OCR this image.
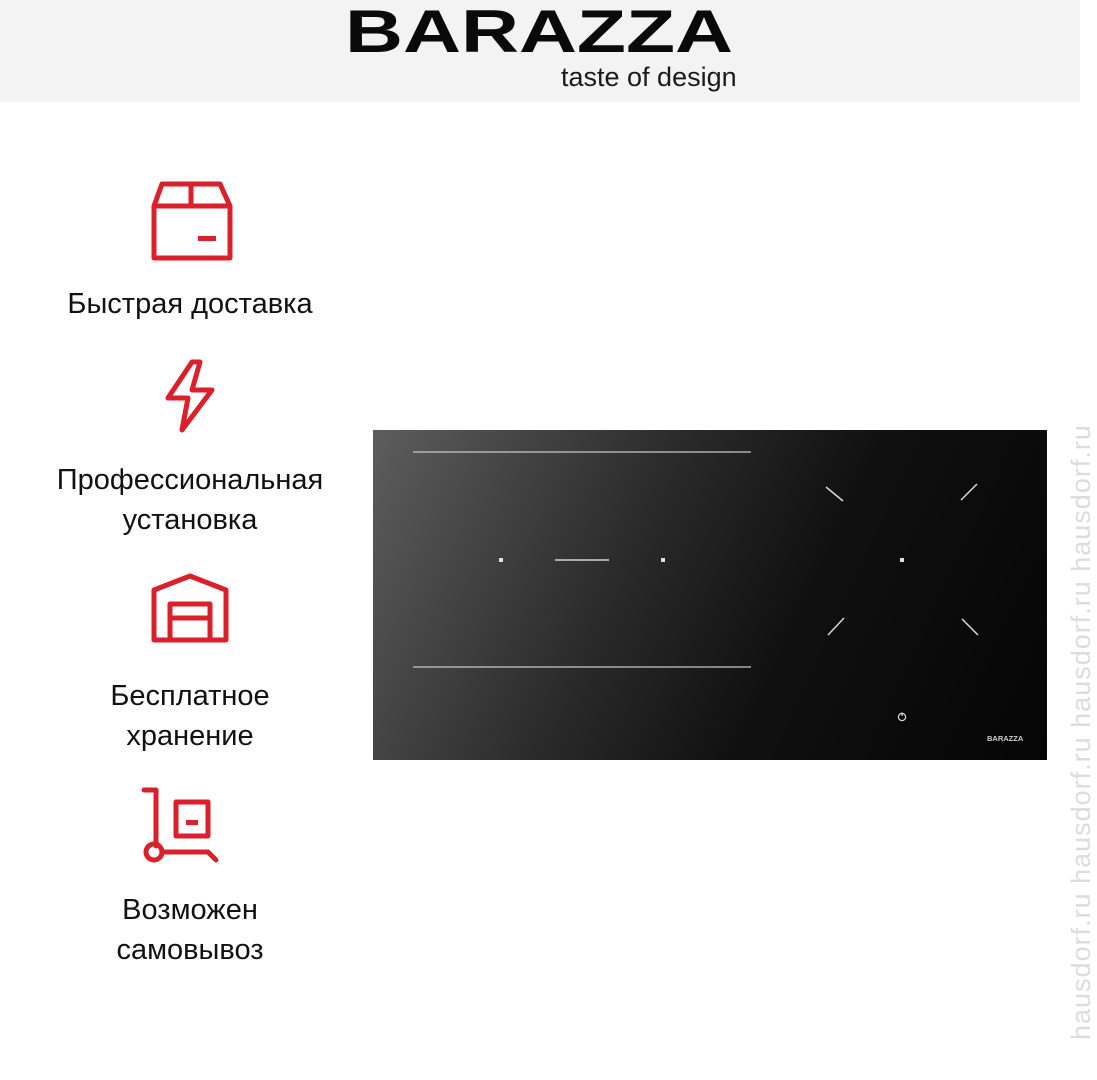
BARAZZA
taste of design
Быстрая доставка
Профессиональная
установка
Бесплатное
хранение
Возможен
самовывоз
BARAZZA hausdorf.ru hausdorf.ru hausdorf.ru hausdorf.ru
